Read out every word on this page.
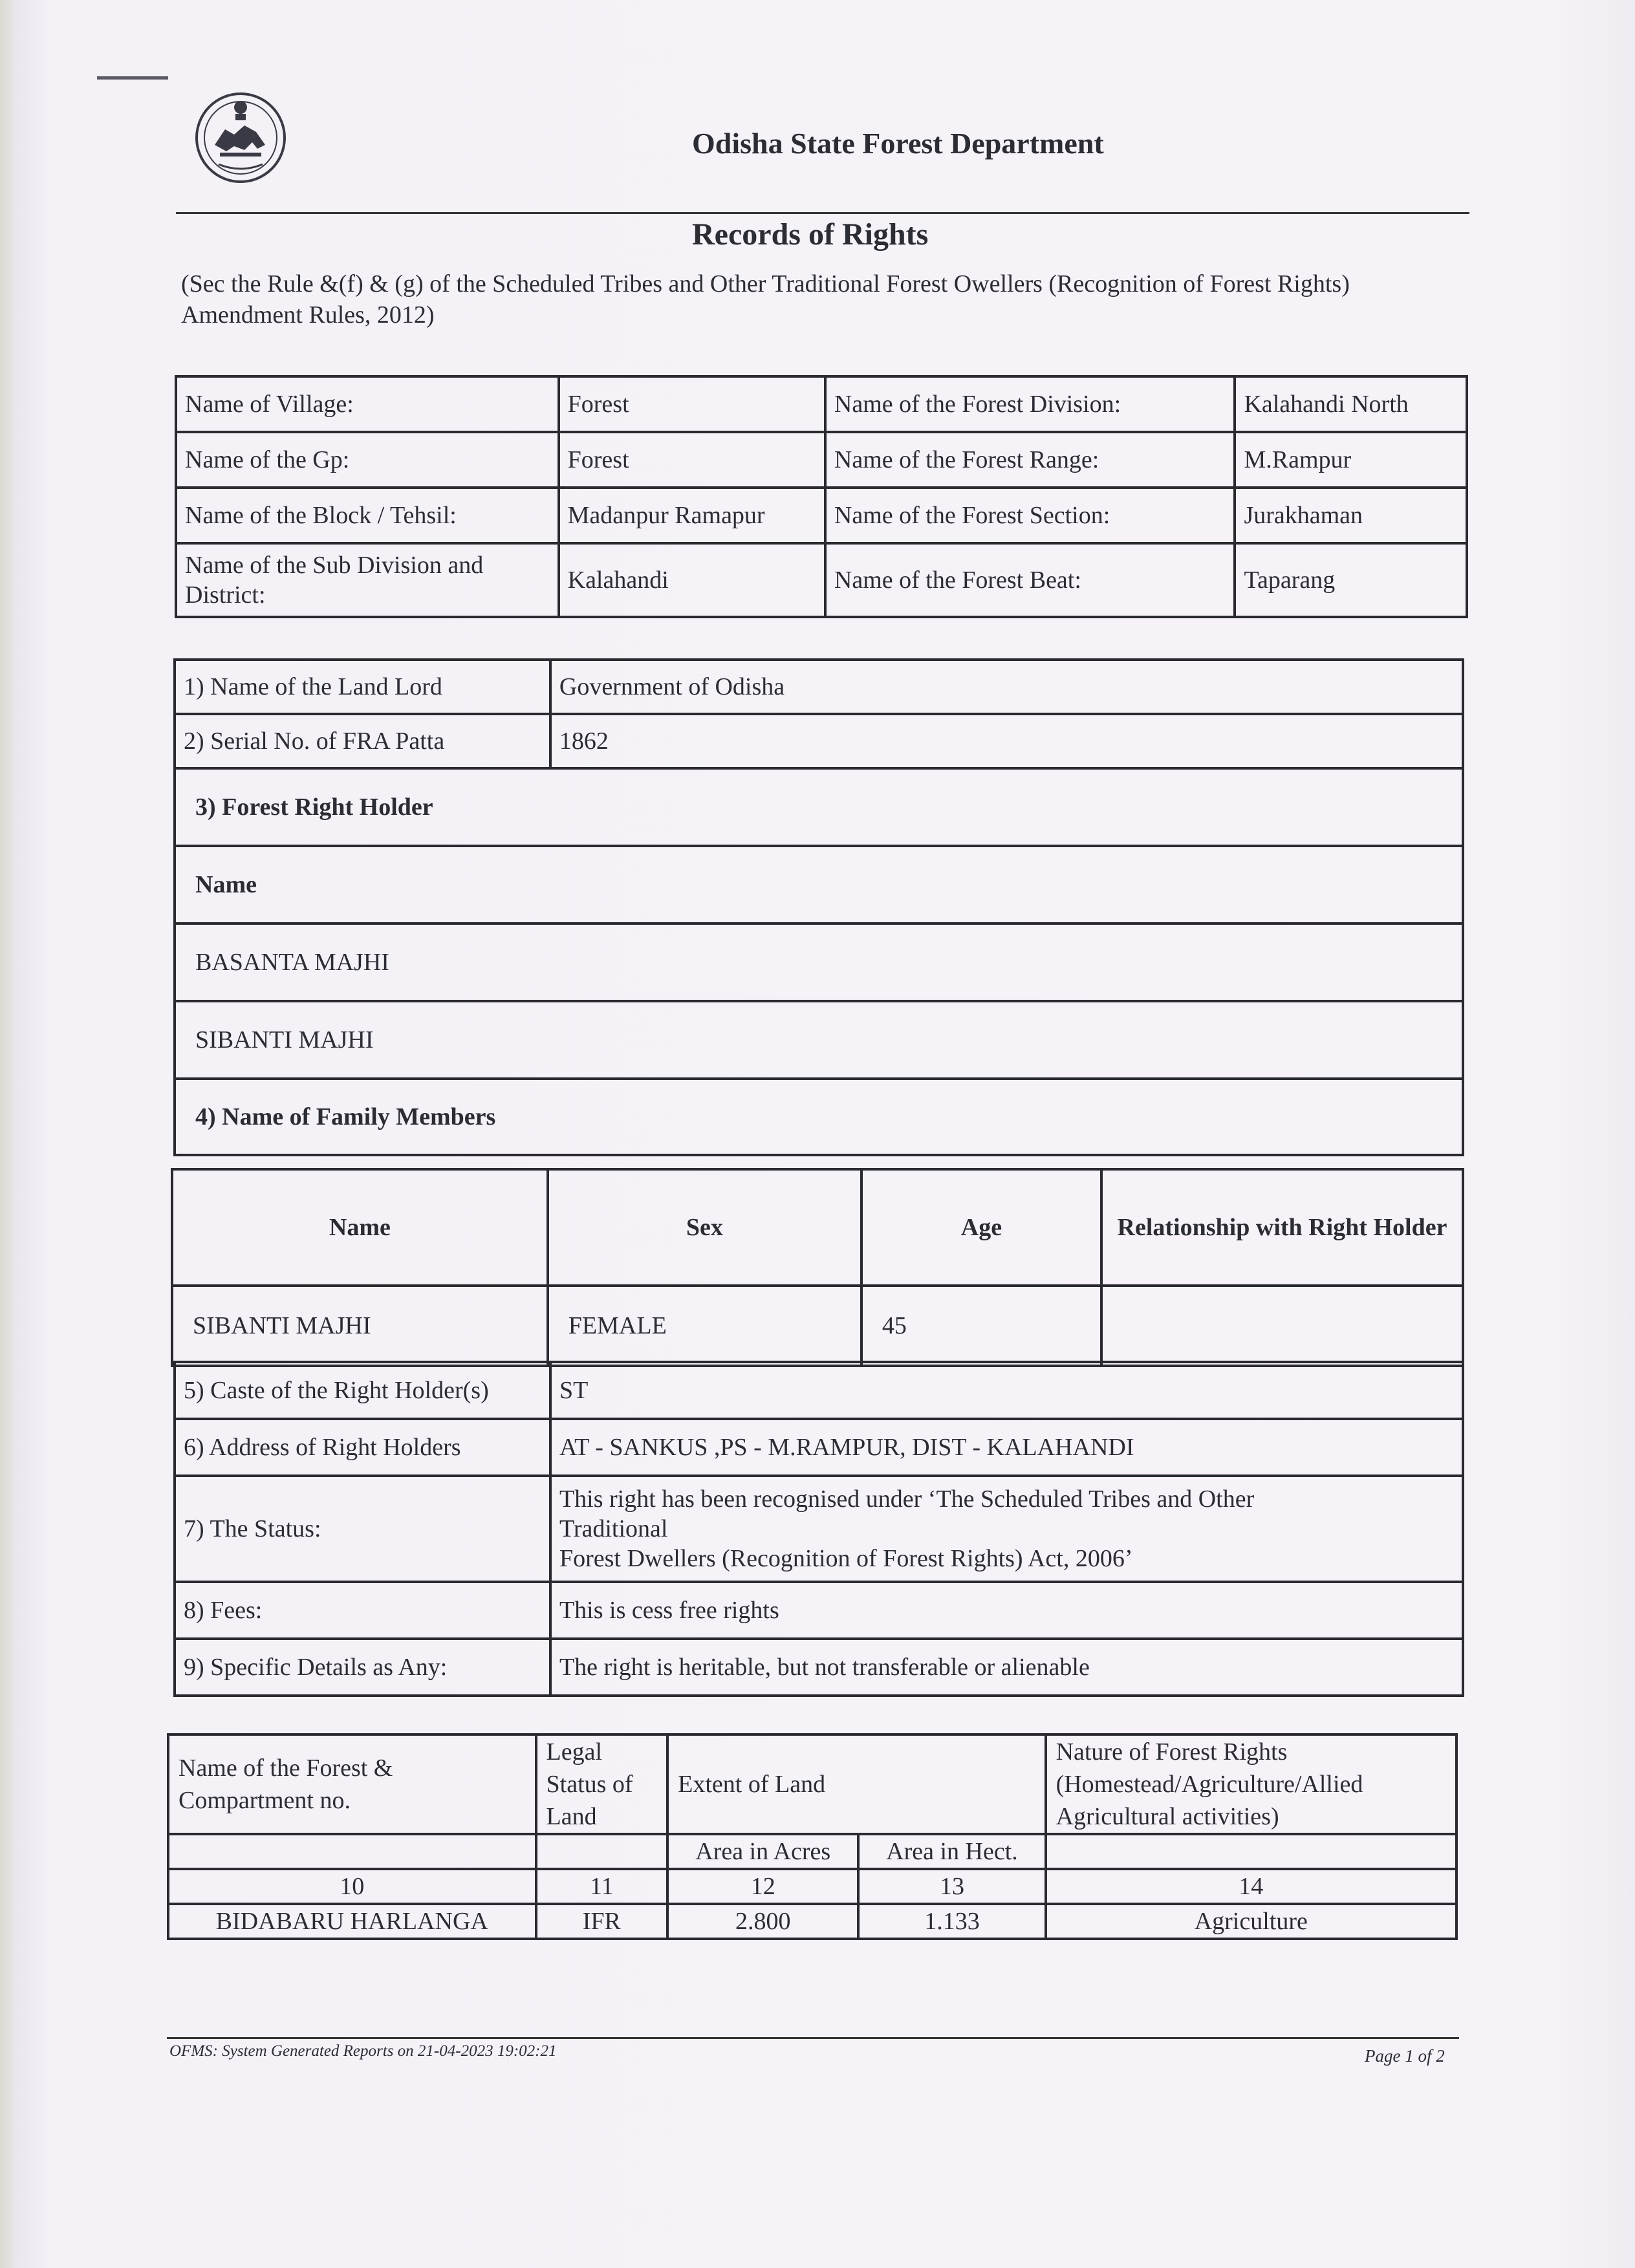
Odisha State Forest Department
Records of Rights
(Sec the Rule &(f) & (g) of the Scheduled Tribes and Other Traditional Forest Owellers (Recognition of Forest Rights) Amendment Rules, 2012)
Name of Village:	Forest	Name of the Forest Division:	Kalahandi North
Name of the Gp:	Forest	Name of the Forest Range:	M.Rampur
Name of the Block / Tehsil:	Madanpur Ramapur	Name of the Forest Section:	Jurakhaman
Name of the Sub Division and District:	Kalahandi	Name of the Forest Beat:	Taparang
1) Name of the Land Lord	Government of Odisha
2) Serial No. of FRA Patta	1862
3) Forest Right Holder	
Name	
BASANTA MAJHI	
SIBANTI MAJHI	
4) Name of Family Members	
Name	Sex	Age	Relationship with Right Holder
SIBANTI MAJHI	FEMALE	45	
5) Caste of the Right Holder(s)	ST
6) Address of Right Holders	AT - SANKUS ,PS - M.RAMPUR, DIST - KALAHANDI
7) The Status:	This right has been recognised under ‘The Scheduled Tribes and Other
Traditional
Forest Dwellers (Recognition of Forest Rights) Act, 2006’

8) Fees:	This is cess free rights
9) Specific Details as Any:	The right is heritable, but not transferable or alienable
Name of the Forest & Compartment no.	Legal Status of Land	Extent of Land		Nature of Forest Rights (Homestead/Agriculture/Allied Agricultural activities)
		Area in Acres	Area in Hect.	
10	11	12	13	14
BIDABARU HARLANGA	IFR	2.800	1.133	Agriculture
OFMS: System Generated Reports on 21-04-2023 19:02:21	Page 1 of 2
